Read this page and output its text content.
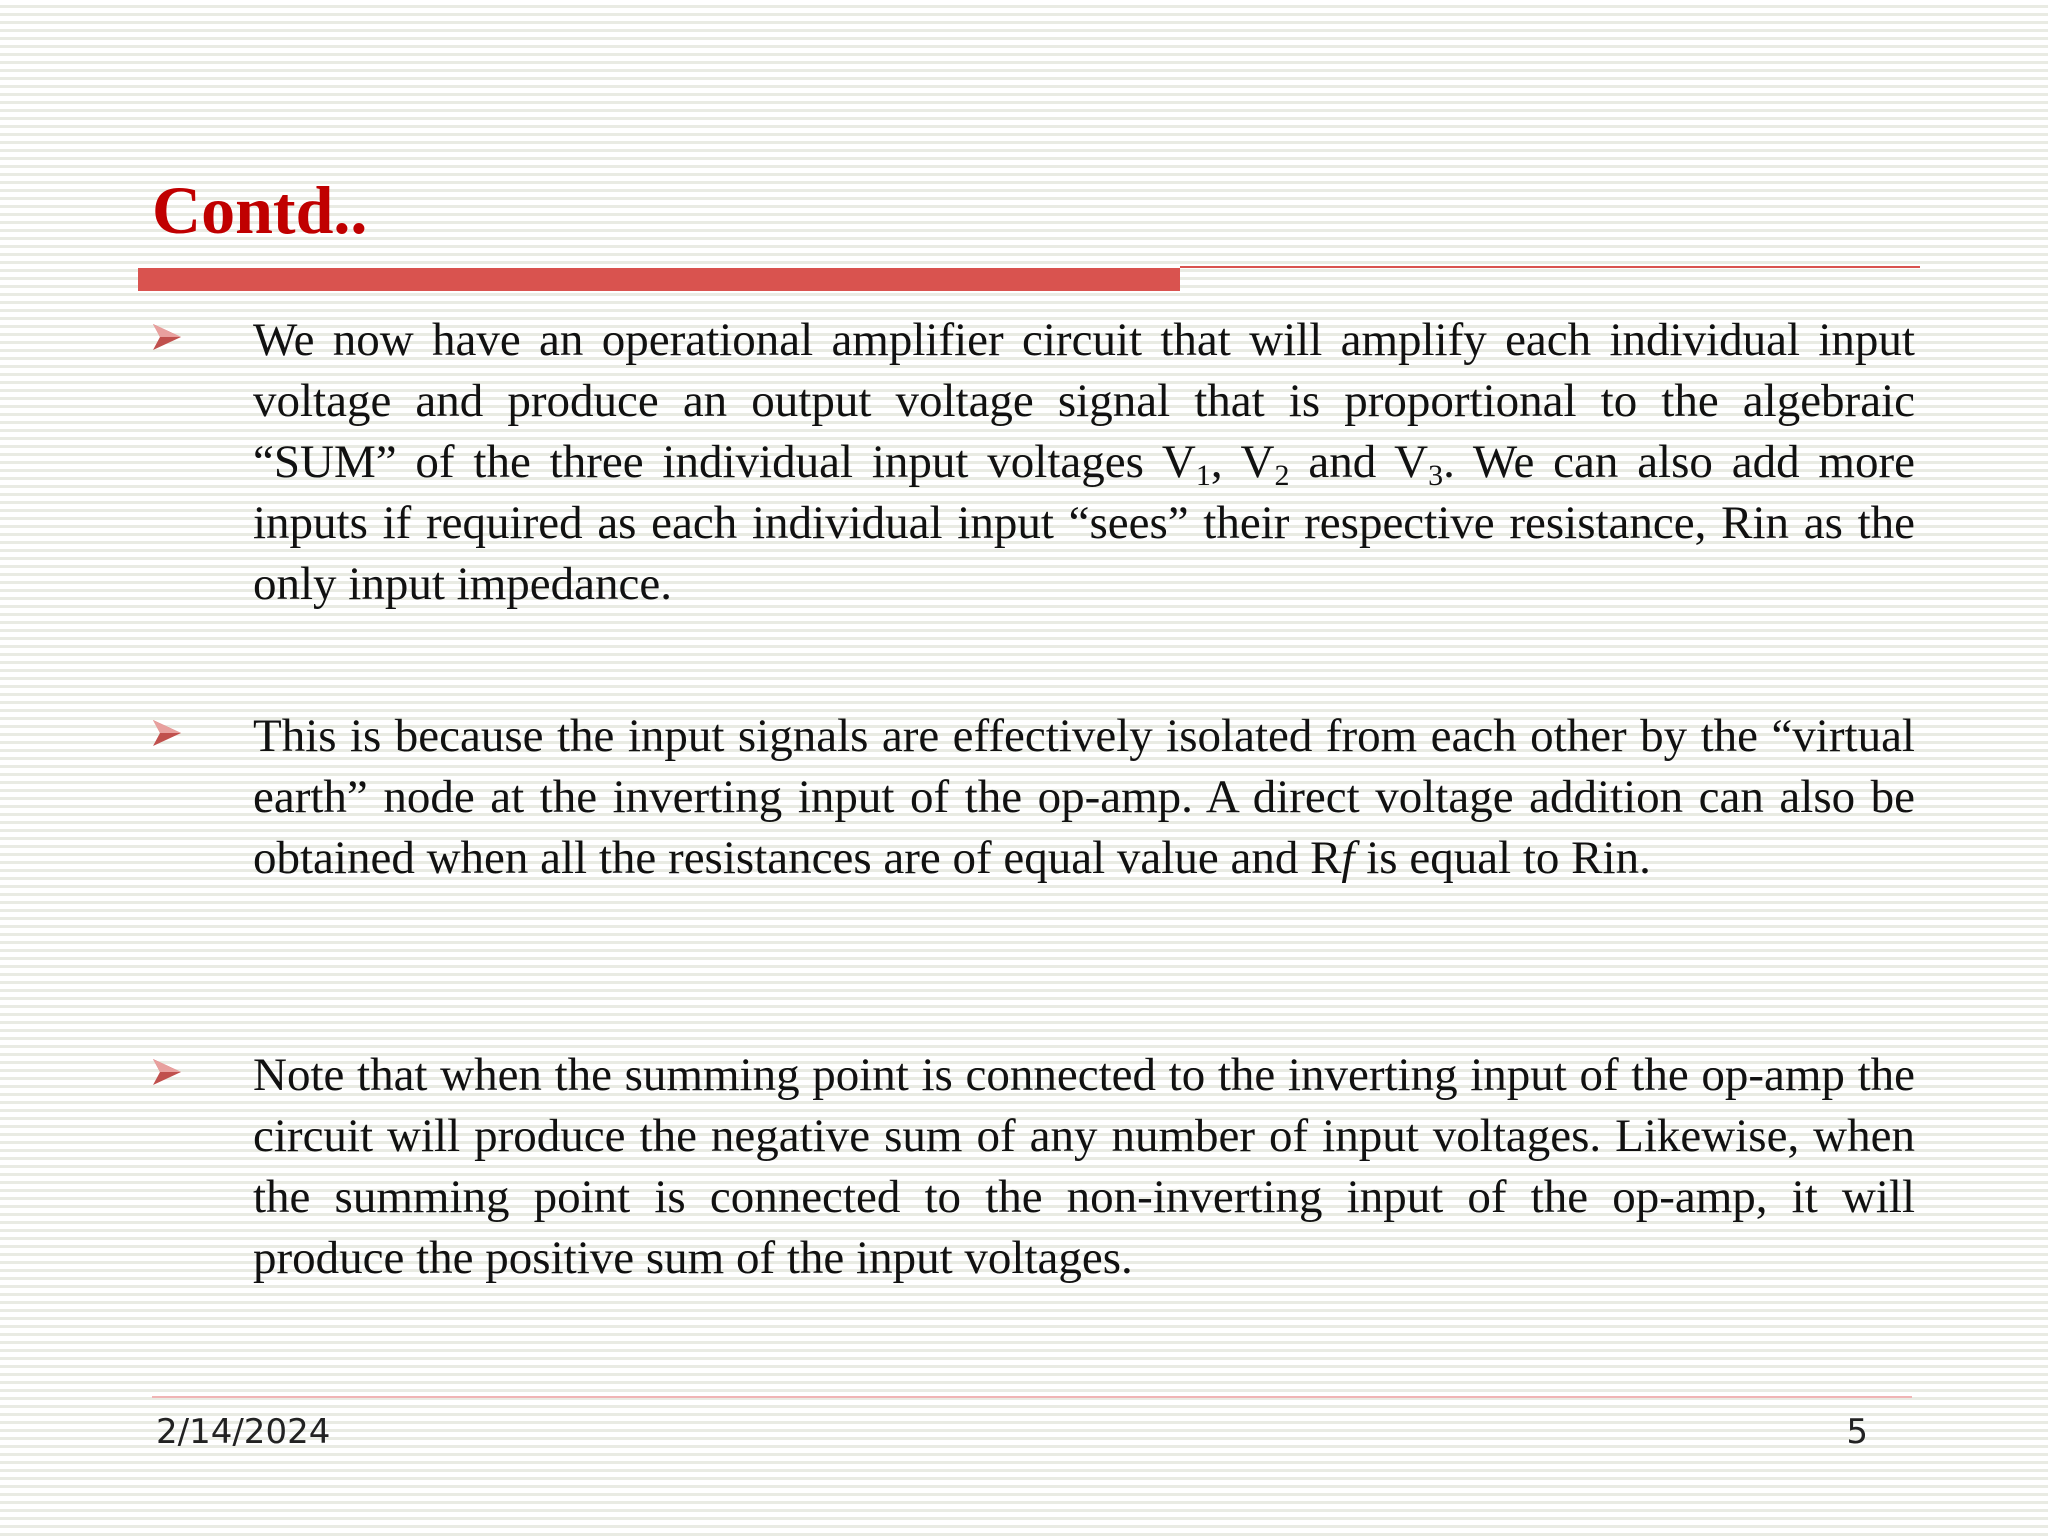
Contd..

We now have an operational amplifier circuit that will amplify each individual input voltage and produce an output voltage signal that is proportional to the algebraic “SUM” of the three individual input voltages $V_1$, $V_2$ and $V_3$. We can also add more inputs if required as each individual input “sees” their respective resistance, Rin as the only input impedance.

This is because the input signals are effectively isolated from each other by the “virtual earth” node at the inverting input of the op-amp. A direct voltage addition can also be obtained when all the resistances are of equal value and Rf is equal to Rin.

Note that when the summing point is connected to the inverting input of the op-amp the circuit will produce the negative sum of any number of input voltages. Likewise, when the summing point is connected to the non-inverting input of the op-amp, it will produce the positive sum of the input voltages.

2/14/2024	5
